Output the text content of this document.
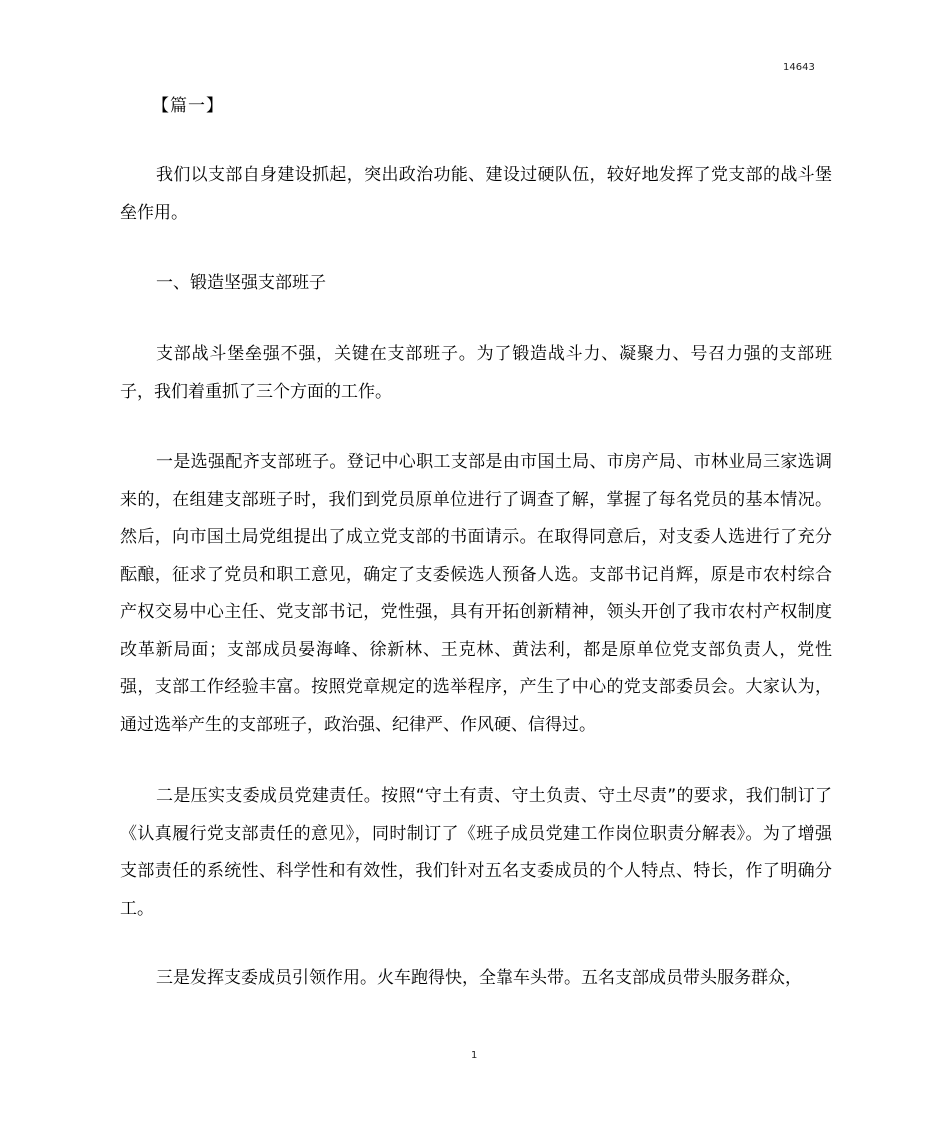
14643
【篇一】

我们以支部自身建设抓起，突出政治功能、建设过硬队伍，较好地发挥了党支部的战斗堡垒作用。

一、锻造坚强支部班子

支部战斗堡垒强不强，关键在支部班子。为了锻造战斗力、凝聚力、号召力强的支部班子，我们着重抓了三个方面的工作。

一是选强配齐支部班子。登记中心职工支部是由市国土局、市房产局、市林业局三家选调来的，在组建支部班子时，我们到党员原单位进行了调查了解，掌握了每名党员的基本情况。然后，向市国土局党组提出了成立党支部的书面请示。在取得同意后，对支委人选进行了充分酝酿，征求了党员和职工意见，确定了支委候选人预备人选。支部书记肖辉，原是市农村综合产权交易中心主任、党支部书记，党性强，具有开拓创新精神，领头开创了我市农村产权制度改革新局面；支部成员晏海峰、徐新林、王克林、黄法利，都是原单位党支部负责人，党性强，支部工作经验丰富。按照党章规定的选举程序，产生了中心的党支部委员会。大家认为，通过选举产生的支部班子，政治强、纪律严、作风硬、信得过。

二是压实支委成员党建责任。按照“守土有责、守土负责、守土尽责”的要求，我们制订了《认真履行党支部责任的意见》，同时制订了《班子成员党建工作岗位职责分解表》。为了增强支部责任的系统性、科学性和有效性，我们针对五名支委成员的个人特点、特长，作了明确分工。

三是发挥支委成员引领作用。火车跑得快，全靠车头带。五名支部成员带头服务群众，

1
